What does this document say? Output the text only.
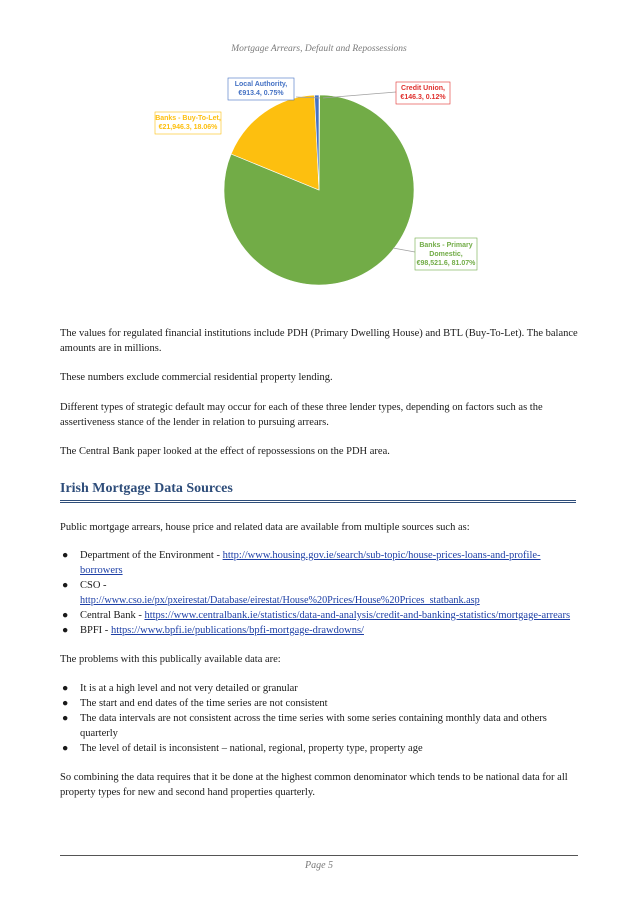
Mortgage Arrears, Default and Repossessions
Local Authority,
€913.4, 0.75%
Credit Union,
€146.3, 0.12%
Banks - Buy-To-Let,
€21,946.3, 18.06%
Banks - Primary
Domestic,
€98,521.6, 81.07%

The values for regulated financial institutions include PDH (Primary Dwelling House) and BTL (Buy-To-Let). The balance amounts are in millions.

These numbers exclude commercial residential property lending.

Different types of strategic default may occur for each of these three lender types, depending on factors such as the assertiveness stance of the lender in relation to pursuing arrears.

The Central Bank paper looked at the effect of repossessions on the PDH area.

Irish Mortgage Data Sources

Public mortgage arrears, house price and related data are available from multiple sources such as:

● Department of the Environment - http://www.housing.gov.ie/search/sub-topic/house-prices-loans-and-profile-borrowers
● CSO -
http://www.cso.ie/px/pxeirestat/Database/eirestat/House%20Prices/House%20Prices_statbank.asp
● Central Bank - https://www.centralbank.ie/statistics/data-and-analysis/credit-and-banking-statistics/mortgage-arrears
● BPFI - https://www.bpfi.ie/publications/bpfi-mortgage-drawdowns/

The problems with this publically available data are:

● It is at a high level and not very detailed or granular
● The start and end dates of the time series are not consistent
● The data intervals are not consistent across the time series with some series containing monthly data and others quarterly
● The level of detail is inconsistent – national, regional, property type, property age

So combining the data requires that it be done at the highest common denominator which tends to be national data for all property types for new and second hand properties quarterly.

Page 5
